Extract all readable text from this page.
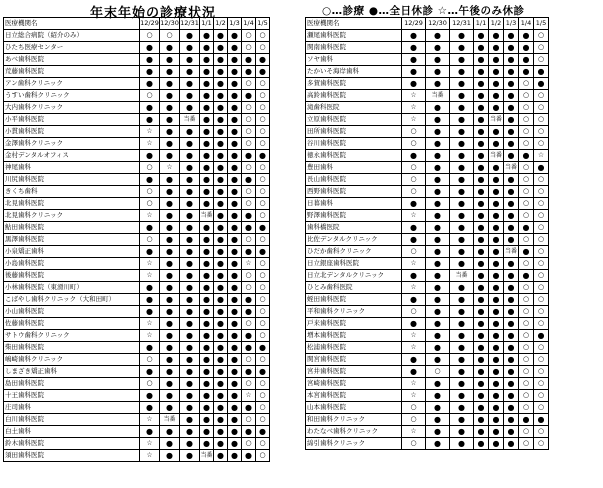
年末年始の診療状況	○…診療 ●…全日休診 ☆…午後のみ休診
医療機関名	12/29	12/30	12/31	1/1	1/2	1/3	1/4	1/5
日立総合病院（紹介のみ）	○	○	●	●	●	●	○	○
ひたち医療センター	●	●	●	●	●	●	○	○
あべ歯科医院	●	●	●	●	●	●	●	●
荒藤歯科医院	●	●	●	●	●	●	●	●
アン歯科クリニック	●	●	●	●	●	●	○	○
うすい歯科クリニック	○	●	●	●	●	●	●	○
大内歯科クリニック	●	●	●	●	●	●	○	○
小平歯科医院	●	●	当番	●	●	●	○	○
小貫歯科医院	☆	●	●	●	●	●	○	○
金澤歯科クリニック	☆	●	●	●	●	●	○	○
金村デンタルオフィス	●	●	●	●	●	●	●	●
神尾歯科	○	☆	●	●	●	●	○	○
川尻歯科医院	●	●	●	●	●	●	●	○
きくち歯科	○	●	●	●	●	●	○	○
北見歯科医院	○	●	●	●	●	●	○	○
北見歯科クリニック	☆	●	●	当番	●	●	●	○
鮎田歯科医院	●	●	●	●	●	●	●	●
黒澤歯科医院	○	●	●	●	●	●	○	○
小泉矯正歯科	●	●	●	●	●	●	●	●
小島歯科医院	☆	●	●	●	●	●	☆	○
後藤歯科医院	☆	●	●	●	●	●	○	○
小林歯科医院（東滑川町）	●	●	●	●	●	●	○	○
こばやし歯科クリニック（大和田町）	●	●	●	●	●	●	●	○
小山歯科医院	●	●	●	●	●	●	●	○
佐藤歯科医院	☆	●	●	●	●	●	○	○
サトウ歯科クリニック	☆	●	●	●	●	●	●	○
柴田歯科医院	●	●	●	●	●	●	●	●
嶋崎歯科クリニック	○	●	●	●	●	●	○	○
しまざき矯正歯科	●	●	●	●	●	●	●	●
島田歯科医院	○	●	●	●	●	●	○	○
十王歯科医院	●	●	●	●	●	●	☆	○
庄司歯科	●	●	●	●	●	●	●	○
白川歯科医院	☆	当番	●	●	●	●	○	○
白土歯科	●	●	●	●	●	●	●	●
鈴木歯科医院	☆	●	●	●	●	●	○	○
須田歯科医院	☆	●	●	当番	●	●	●	○
医療機関名	12/29	12/30	12/31	1/1	1/2	1/3	1/4	1/5
瀬尾歯科医院	●	●	●	●	●	●	●	○
関南歯科医院	●	●	●	●	●	●	●	○
ソヤ歯科	●	●	●	●	●	●	●	○
たかいそ海岸歯科	●	●	●	●	●	●	●	●
多賀歯科医院	●	●	●	●	●	●	○	●
高鈴歯科医院	☆	当番	●	●	●	●	○	○
滝歯科医院	☆	●	●	●	●	●	○	○
立原歯科医院	☆	●	●	●	当番	●	○	○
田所歯科医院	○	●	●	●	●	●	○	○
谷川歯科医院	○	●	●	●	●	●	○	○
徳永歯科医院	●	●	●	●	当番	●	●	☆
豊田歯科	○	●	●	●	●	当番	○	●
長山歯科医院	○	●	●	●	●	●	○	○
西野歯科医院	○	●	●	●	●	●	○	○
日暮歯科	●	●	●	●	●	●	○	○
野澤歯科医院	☆	●	●	●	●	●	○	○
歯科橋医院	●	●	●	●	●	●	●	○
比佐デンタルクリニック	●	●	●	●	●	●	○	○
ひだか歯科クリニック	○	●	●	●	●	当番	●	○
日立銀座歯科医院	☆	●	●	●	●	●	○	○
日立北デンタルクリニック	●	●	当番	●	●	●	●	○
ひとみ歯科医院	☆	●	●	●	●	●	○	○
蛭田歯科医院	●	●	●	●	●	●	○	○
平和歯科クリニック	○	●	●	●	●	●	○	○
戸来歯科医院	●	●	●	●	●	●	○	○
増本歯科医院	☆	●	●	●	●	●	○	●
松浦歯科医院	☆	●	●	●	●	●	○	○
関宮歯科医院	●	●	●	●	●	●	○	○
宮井歯科医院	●	○	●	●	●	●	○	○
宮崎歯科医院	☆	●	●	●	●	●	○	○
本宮歯科医院	☆	●	●	●	●	●	○	○
山本歯科医院	○	●	●	●	●	●	○	○
和田歯科クリニック	○	●	●	●	●	●	●	●
わたなべ歯科クリニック	☆	●	●	●	●	●	○	○
綿引歯科クリニック	○	●	●	●	●	●	○	○
